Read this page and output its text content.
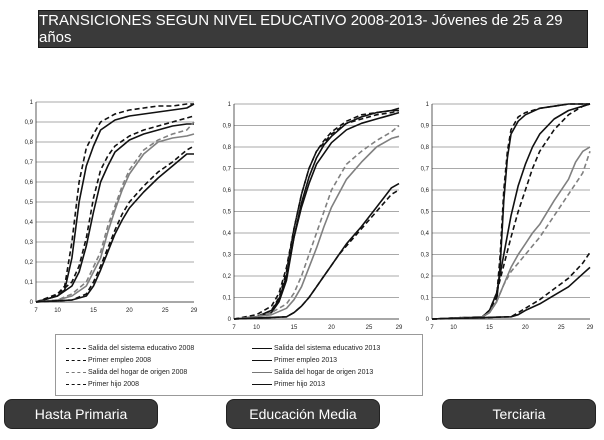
TRANSICIONES SEGUN NIVEL EDUCATIVO 2008-2013- Jóvenes de 25 a 29 años
0
0,1
0,2
0,3
0,4
0,5
0,6
0,7
0,8
0,9
1
7	10	15	20	25	29
0
0,1
0,2
0,3
0,4
0,5
0,6
0,7
0,8
0,9
1
7	10	15	20	25	29
0
0,1
0,2
0,3
0,4
0,5
0,6
0,7
0,8
0,9
1
7	10	15	20	25	29
Salida del sistema educativo 2008
Primer empleo 2008
Salida del hogar de origen 2008
Primer hijo 2008
Salida del sistema educativo 2013
Primer empleo 2013
Salida del hogar de origen 2013
Primer hijo 2013
Hasta Primaria	Educación Media	Terciaria
